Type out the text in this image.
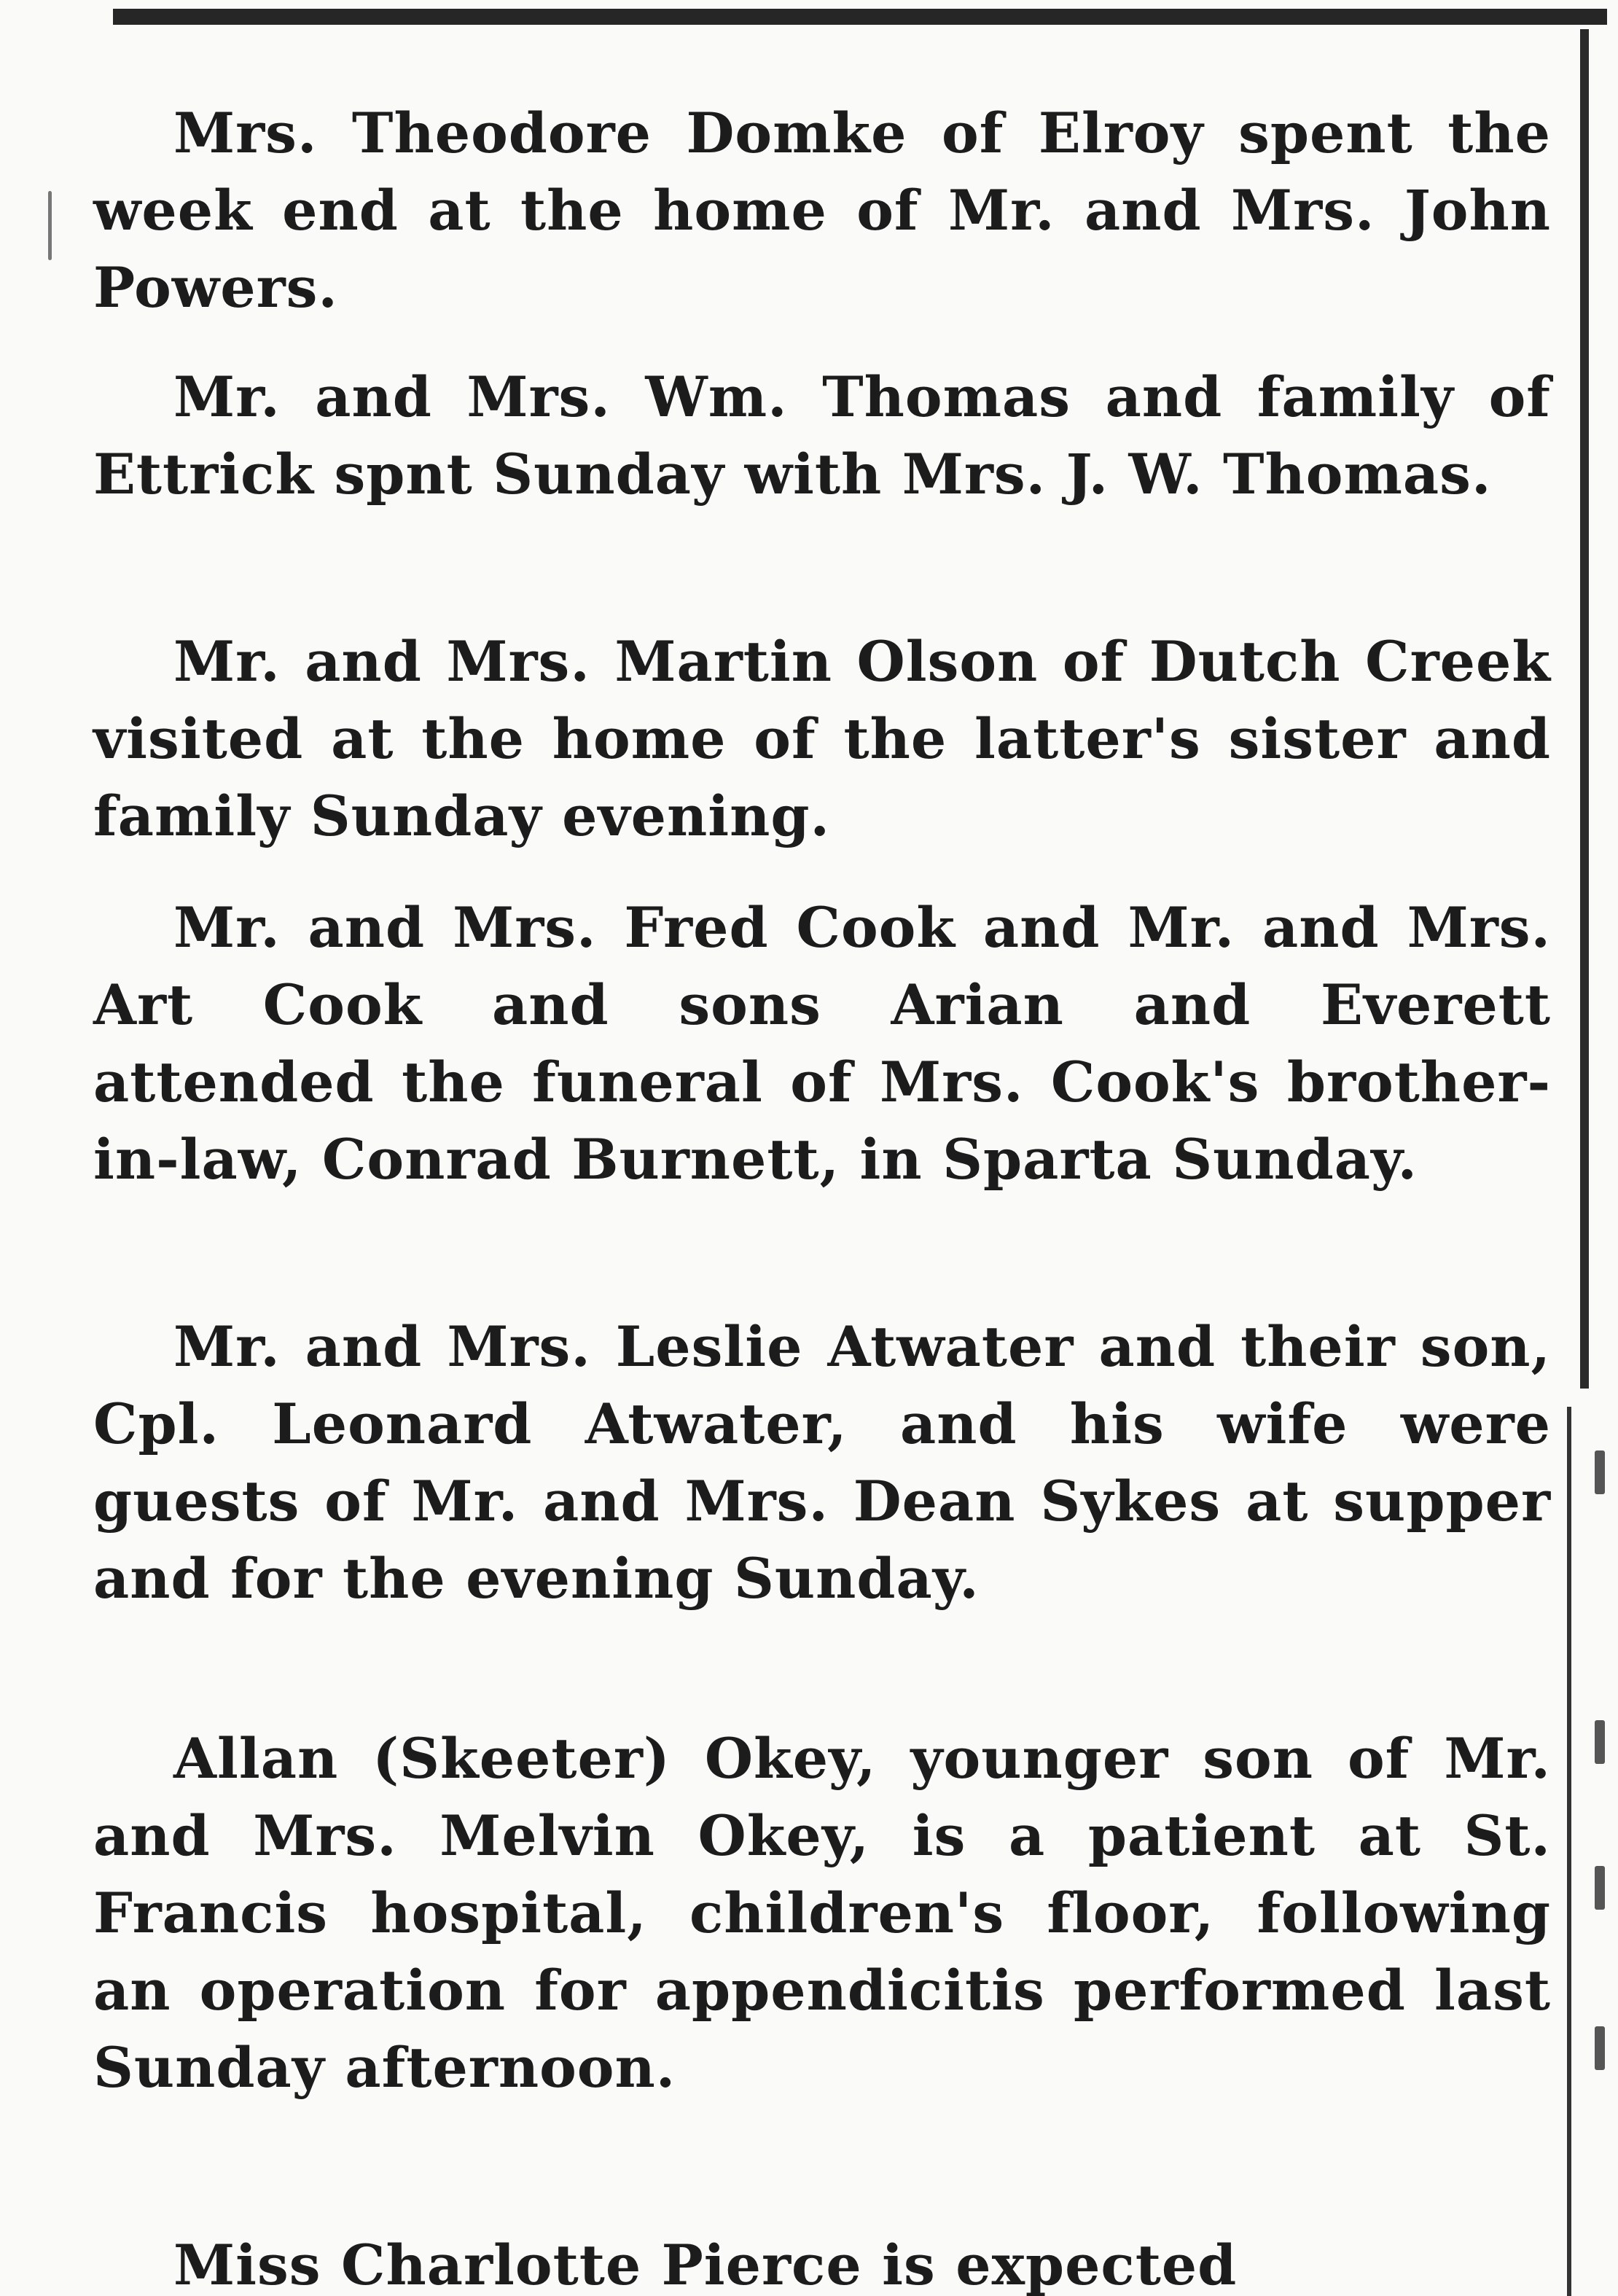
Mrs. Theodore Domke of Elroy spent the week end at the home of Mr. and Mrs. John Powers.

Mr. and Mrs. Wm. Thomas and family of Ettrick spnt Sunday with Mrs. J. W. Thomas.

Mr. and Mrs. Martin Olson of Dutch Creek visited at the home of the latter's sister and family Sunday evening.

Mr. and Mrs. Fred Cook and Mr. and Mrs. Art Cook and sons Arian and Everett attended the funeral of Mrs. Cook's brother-in-law, Conrad Burnett, in Sparta Sunday.

Mr. and Mrs. Leslie Atwater and their son, Cpl. Leonard Atwater, and his wife were guests of Mr. and Mrs. Dean Sykes at supper and for the evening Sunday.

Allan (Skeeter) Okey, younger son of Mr. and Mrs. Melvin Okey, is a patient at St. Francis hospital, children's floor, following an operation for appendicitis performed last Sunday afternoon.

Miss Charlotte Pierce is expected
